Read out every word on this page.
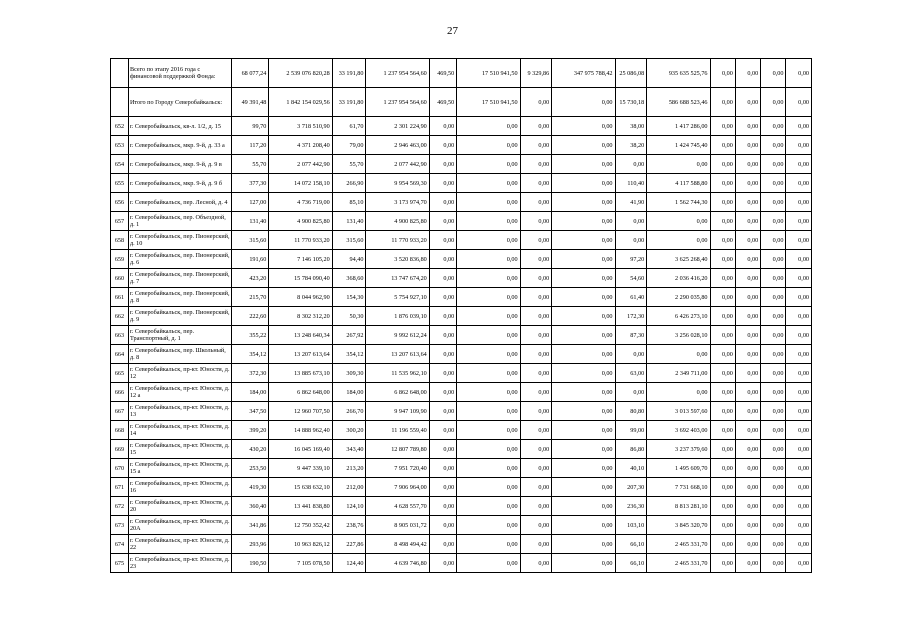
27
	Всего по этапу 2016 года с финансовой поддержкой Фонда:	68 077,24	2 539 076 820,28	33 191,80	1 237 954 564,60	469,50	17 510 941,50	9 329,86	347 975 788,42	25 086,08	935 635 525,76	0,00	0,00	0,00	0,00
	Итого по Городу Северобайкальск:	49 391,48	1 842 154 029,56	33 191,80	1 237 954 564,60	469,50	17 510 941,50	0,00	0,00	15 730,18	586 688 523,46	0,00	0,00	0,00	0,00
652	г. Северобайкальск, кв-л. 1/2, д. 15	99,70	3 718 510,90	61,70	2 301 224,90	0,00	0,00	0,00	0,00	38,00	1 417 286,00	0,00	0,00	0,00	0,00
653	г. Северобайкальск, мкр. 9-й, д. 33 а	117,20	4 371 208,40	79,00	2 946 463,00	0,00	0,00	0,00	0,00	38,20	1 424 745,40	0,00	0,00	0,00	0,00
654	г. Северобайкальск, мкр. 9-й, д. 9 в	55,70	2 077 442,90	55,70	2 077 442,90	0,00	0,00	0,00	0,00	0,00	0,00	0,00	0,00	0,00	0,00
655	г. Северобайкальск, мкр. 9-й, д. 9 б	377,30	14 072 158,10	266,90	9 954 569,30	0,00	0,00	0,00	0,00	110,40	4 117 588,80	0,00	0,00	0,00	0,00
656	г. Северобайкальск, пер. Лесной, д. 4	127,00	4 736 719,00	85,10	3 173 974,70	0,00	0,00	0,00	0,00	41,90	1 562 744,30	0,00	0,00	0,00	0,00
657	г. Северобайкальск, пер. Объездной, д. 1	131,40	4 900 825,80	131,40	4 900 825,80	0,00	0,00	0,00	0,00	0,00	0,00	0,00	0,00	0,00	0,00
658	г. Северобайкальск, пер. Пионерский, д. 10	315,60	11 770 933,20	315,60	11 770 933,20	0,00	0,00	0,00	0,00	0,00	0,00	0,00	0,00	0,00	0,00
659	г. Северобайкальск, пер. Пионерский, д. 6	191,60	7 146 105,20	94,40	3 520 836,80	0,00	0,00	0,00	0,00	97,20	3 625 268,40	0,00	0,00	0,00	0,00
660	г. Северобайкальск, пер. Пионерский, д. 7	423,20	15 784 090,40	368,60	13 747 674,20	0,00	0,00	0,00	0,00	54,60	2 036 416,20	0,00	0,00	0,00	0,00
661	г. Северобайкальск, пер. Пионерский, д. 8	215,70	8 044 962,90	154,30	5 754 927,10	0,00	0,00	0,00	0,00	61,40	2 290 035,80	0,00	0,00	0,00	0,00
662	г. Северобайкальск, пер. Пионерский, д. 9	222,60	8 302 312,20	50,30	1 876 039,10	0,00	0,00	0,00	0,00	172,30	6 426 273,10	0,00	0,00	0,00	0,00
663	г. Северобайкальск, пер. Транспортный, д. 1	355,22	13 248 640,34	267,92	9 992 612,24	0,00	0,00	0,00	0,00	87,30	3 256 028,10	0,00	0,00	0,00	0,00
664	г. Северобайкальск, пер. Школьный, д. 8	354,12	13 207 613,64	354,12	13 207 613,64	0,00	0,00	0,00	0,00	0,00	0,00	0,00	0,00	0,00	0,00
665	г. Северобайкальск, пр-кт. Юности, д. 12	372,30	13 885 673,10	309,30	11 535 962,10	0,00	0,00	0,00	0,00	63,00	2 349 711,00	0,00	0,00	0,00	0,00
666	г. Северобайкальск, пр-кт. Юности, д. 12 а	184,00	6 862 648,00	184,00	6 862 648,00	0,00	0,00	0,00	0,00	0,00	0,00	0,00	0,00	0,00	0,00
667	г. Северобайкальск, пр-кт. Юности, д. 13	347,50	12 960 707,50	266,70	9 947 109,90	0,00	0,00	0,00	0,00	80,80	3 013 597,60	0,00	0,00	0,00	0,00
668	г. Северобайкальск, пр-кт. Юности, д. 14	399,20	14 888 962,40	300,20	11 196 559,40	0,00	0,00	0,00	0,00	99,00	3 692 403,00	0,00	0,00	0,00	0,00
669	г. Северобайкальск, пр-кт. Юности, д. 15	430,20	16 045 169,40	343,40	12 807 789,80	0,00	0,00	0,00	0,00	86,80	3 237 379,60	0,00	0,00	0,00	0,00
670	г. Северобайкальск, пр-кт. Юности, д. 15 а	253,50	9 447 339,10	213,20	7 951 720,40	0,00	0,00	0,00	0,00	40,10	1 495 609,70	0,00	0,00	0,00	0,00
671	г. Северобайкальск, пр-кт. Юности, д. 16	419,30	15 638 632,10	212,00	7 906 964,00	0,00	0,00	0,00	0,00	207,30	7 731 668,10	0,00	0,00	0,00	0,00
672	г. Северобайкальск, пр-кт. Юности, д. 20	360,40	13 441 838,80	124,10	4 628 557,70	0,00	0,00	0,00	0,00	236,30	8 813 281,10	0,00	0,00	0,00	0,00
673	г. Северобайкальск, пр-кт. Юности, д. 20А	341,86	12 750 352,42	238,76	8 905 031,72	0,00	0,00	0,00	0,00	103,10	3 845 320,70	0,00	0,00	0,00	0,00
674	г. Северобайкальск, пр-кт. Юности, д. 22	293,96	10 963 826,12	227,86	8 498 494,42	0,00	0,00	0,00	0,00	66,10	2 465 331,70	0,00	0,00	0,00	0,00
675	г. Северобайкальск, пр-кт. Юности, д. 23	190,50	7 105 078,50	124,40	4 639 746,80	0,00	0,00	0,00	0,00	66,10	2 465 331,70	0,00	0,00	0,00	0,00
